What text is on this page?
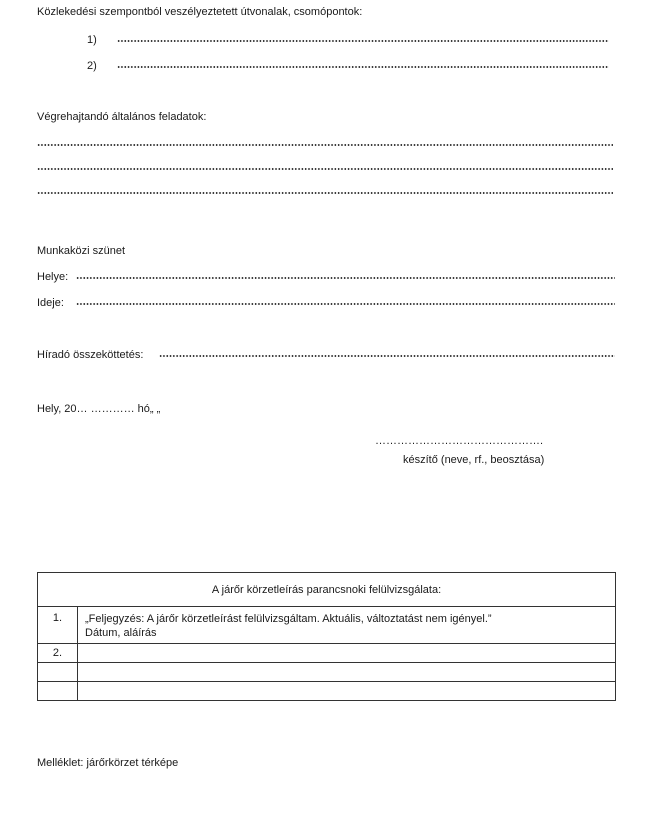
Közlekedési szempontból veszélyeztetett útvonalak, csomópontok:
1)
2)
Végrehajtandó általános feladatok:
Munkaközi szünet
Helye:
Ideje:
Híradó összeköttetés:
Hely, 20… ………… hó„ „
……………………………………….
készítő (neve, rf., beosztása)
A járőr körzetleírás parancsnoki felülvizsgálata:	
1.	„Feljegyzés: A járőr körzetleírást felülvizsgáltam. Aktuális, változtatást nem igényel.”
Dátum, aláírás

2.	

Melléklet: járőrkörzet térképe
